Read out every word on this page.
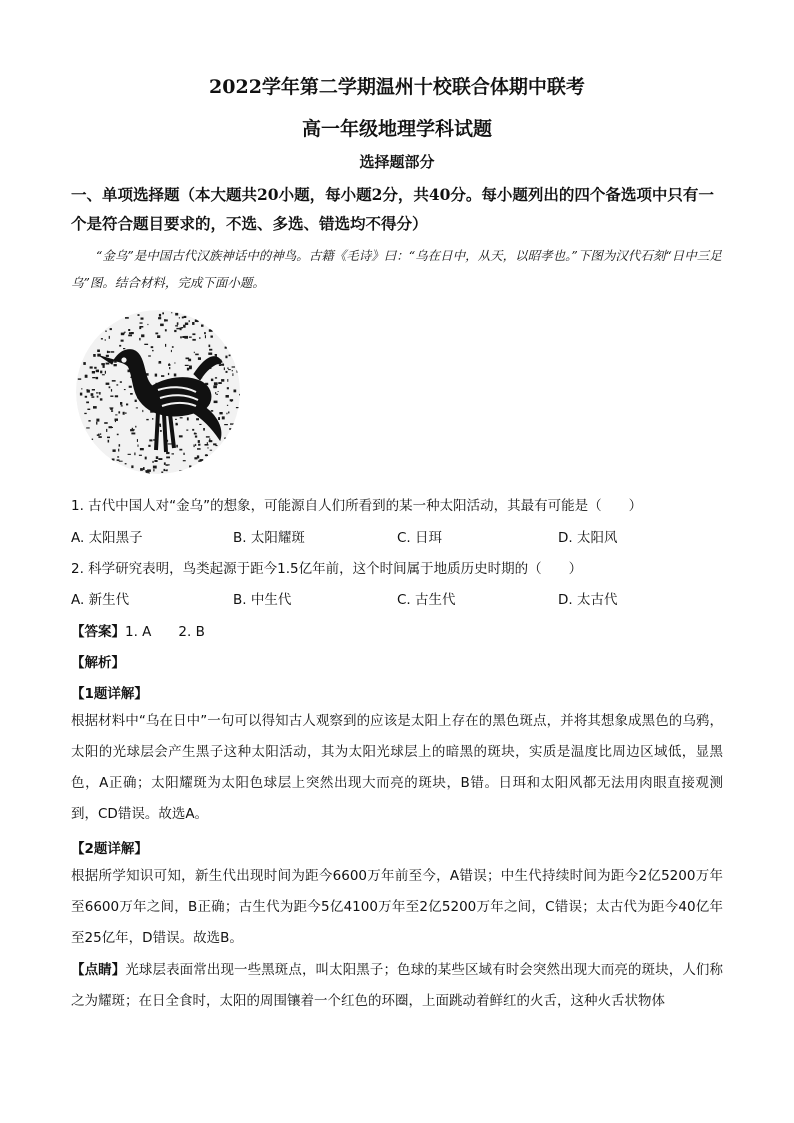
2022学年第二学期温州十校联合体期中联考
高一年级地理学科试题
选择题部分
一、单项选择题（本大题共20小题，每小题2分，共40分。每小题列出的四个备选项中只有一个是符合题目要求的，不选、多选、错选均不得分）
“金乌”是中国古代汉族神话中的神鸟。古籍《毛诗》曰：“乌在日中，从天，以昭孝也。”下图为汉代石刻“日中三足乌”图。结合材料，完成下面小题。
1. 古代中国人对“金乌”的想象，可能源自人们所看到的某一种太阳活动，其最有可能是（　　）
A. 太阳黑子	B. 太阳耀斑	C. 日珥	D. 太阳风
2. 科学研究表明，鸟类起源于距今1.5亿年前，这个时间属于地质历史时期的（　　）
A. 新生代	B. 中生代	C. 古生代	D. 太古代
【答案】1. A　　2. B
【解析】
【1题详解】
根据材料中“乌在日中”一句可以得知古人观察到的应该是太阳上存在的黑色斑点，并将其想象成黑色的乌鸦，太阳的光球层会产生黑子这种太阳活动，其为太阳光球层上的暗黑的斑块，实质是温度比周边区域低，显黑色，A正确；太阳耀斑为太阳色球层上突然出现大而亮的斑块，B错。日珥和太阳风都无法用肉眼直接观测到，CD错误。故选A。
【2题详解】
根据所学知识可知，新生代出现时间为距今6600万年前至今，A错误；中生代持续时间为距今2亿5200万年至6600万年之间，B正确；古生代为距今5亿4100万年至2亿5200万年之间，C错误；太古代为距今40亿年至25亿年，D错误。故选B。
【点睛】光球层表面常出现一些黑斑点，叫太阳黑子；色球的某些区域有时会突然出现大而亮的斑块，人们称之为耀斑；在日全食时，太阳的周围镶着一个红色的环圈，上面跳动着鲜红的火舌，这种火舌状物体
